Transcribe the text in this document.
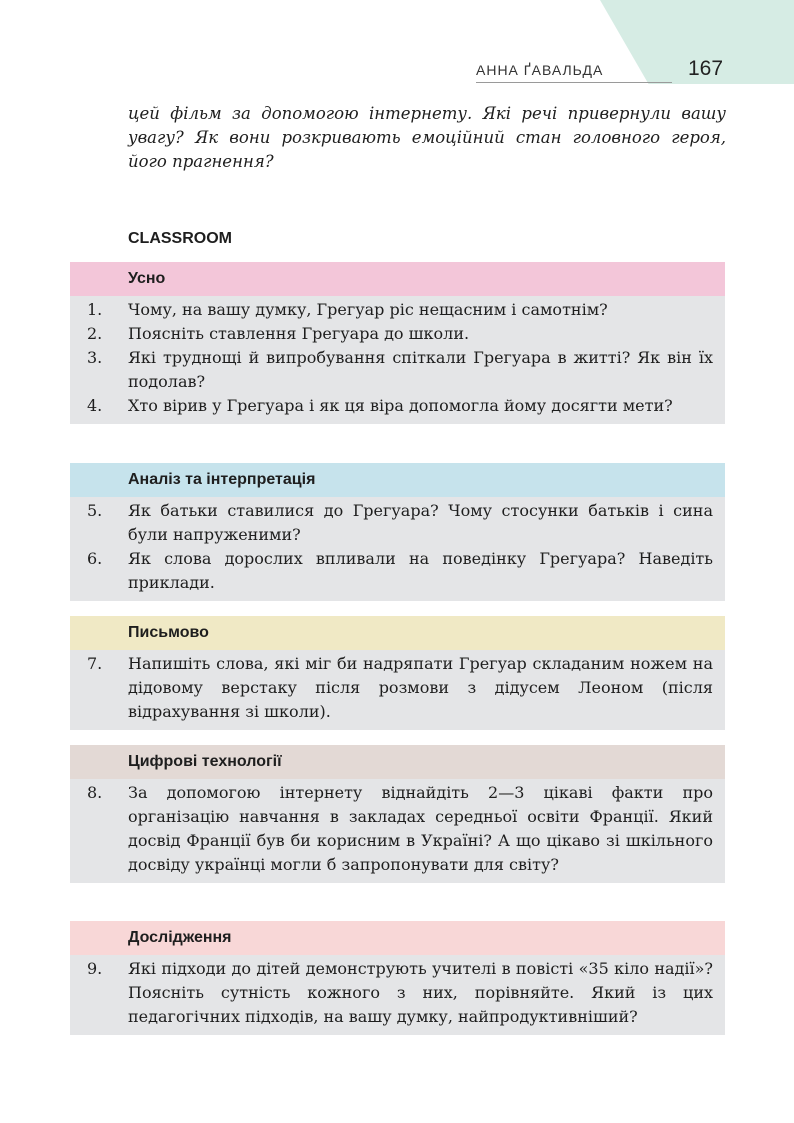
АННА ҐАВАЛЬДА	167
цей фільм за допомогою інтернету. Які речі привернули вашу увагу? Як вони розкривають емоційний стан головного героя, його прагнення?
CLASSROOM
Усно
1.	Чому, на вашу думку, Грегуар ріс нещасним і самотнім?
2.	Поясніть ставлення Грегуара до школи.
3.	Які труднощі й випробування спіткали Грегуара в житті? Як він їх подолав?
4.	Хто вірив у Грегуара і як ця віра допомогла йому досягти мети?
Аналіз та інтерпретація
5.	Як батьки ставилися до Грегуара? Чому стосунки батьків і сина були напруженими?
6.	Як слова дорослих впливали на поведінку Грегуара? Наведіть приклади.
Письмово
7.	Напишіть слова, які міг би надряпати Грегуар складаним ножем на дідовому верстаку після розмови з дідусем Леоном (після відрахування зі школи).
Цифрові технології
8.	За допомогою інтернету віднайдіть 2—3 цікаві факти про організацію навчання в закладах середньої освіти Франції. Який досвід Франції був би корисним в Україні? А що цікаво зі шкільного досвіду українці могли б запропонувати для світу?
Дослідження
9.	Які підходи до дітей демонструють учителі в повісті «35 кіло надії»? Поясніть сутність кожного з них, порівняйте. Який із цих педагогічних підходів, на вашу думку, найпродуктивніший?
